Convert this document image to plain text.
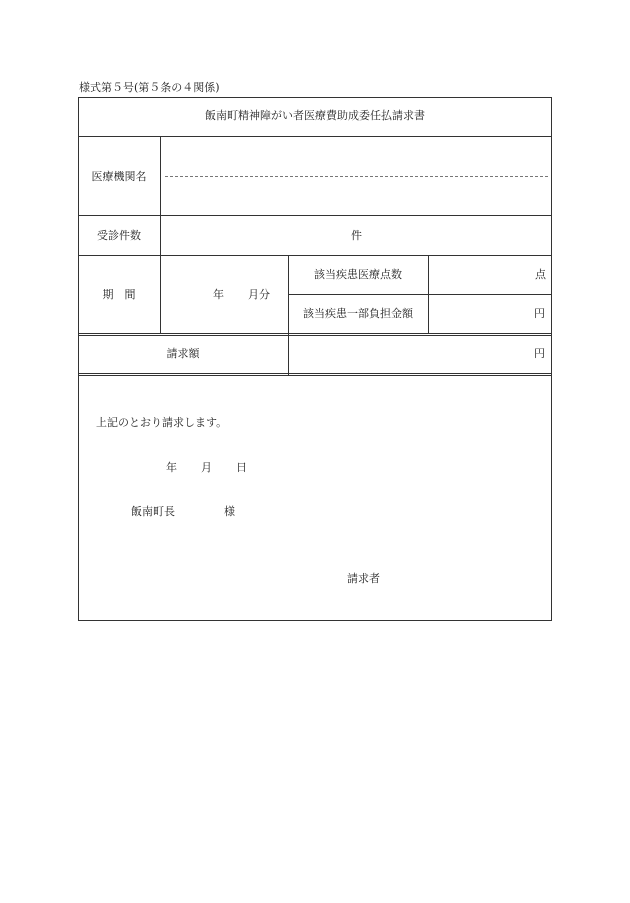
様式第５号(第５条の４関係)
飯南町精神障がい者医療費助成委任払請求書
医療機関名
受診件数	件
期　間	年 月分
該当疾患医療点数	点
該当疾患一部負担金額	円
請求額	円
上記のとおり請求します。
年 月 日
飯南町長	様
請求者
